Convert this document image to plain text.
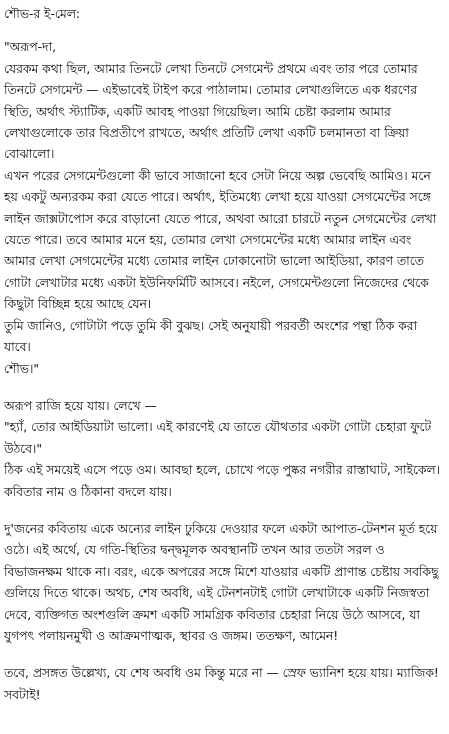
শৌভ-র ই-মেল:

"অরূপ-দা,

যেরকম কথা ছিল, আমার তিনটে লেখা তিনটে সেগমেন্ট প্রথমে এবং তার পরে তোমার তিনটে সেগমেন্ট — এইভাবেই টাইপ করে পাঠালাম। তোমার লেখাগুলিতে এক ধরণের স্থিতি, অর্থাৎ স্ট্যাটিক, একটি আবহ পাওয়া গিয়েছিল। আমি চেষ্টা করলাম আমার লেখাগুলোকে তার বিপ্রতীপে রাখতে, অর্থাৎ প্রতিটি লেখা একটি চলমানতা বা ক্রিয়া বোঝালো।

এখন পরের সেগমেন্টগুলো কী ভাবে সাজানো হবে সেটা নিয়ে অল্প ভেবেছি আমিও। মনে হয় একটু অন্যরকম করা যেতে পারে। অর্থাৎ, ইতিমধ্যে লেখা হয়ে যাওয়া সেগমেন্টের সঙ্গে লাইন জাক্সটাপোস করে বাড়ানো যেতে পারে, অথবা আরো চারটে নতুন সেগমেন্টের লেখা যেতে পারে। তবে আমার মনে হয়, তোমার লেখা সেগমেন্টের মধ্যে আমার লাইন এবং আমার লেখা সেগমেন্টের মধ্যে তোমার লাইন ঢোকানোটা ভালো আইডিয়া, কারণ তাতে গোটা লেখাটার মধ্যে একটা ইউনিফর্মিটি আসবে। নইলে, সেগমেন্টগুলো নিজেদের থেকে কিছুটা বিচ্ছিন্ন হয়ে আছে যেন।

তুমি জানিও, গোটাটা পড়ে তুমি কী বুঝছ। সেই অনুযায়ী পরবর্তী অংশের পন্থা ঠিক করা যাবে।

শৌভ।"

অরূপ রাজি হয়ে যায়। লেখে —

"হ্যাঁ, তোর আইডিয়াটা ভালো। এই কারণেই যে তাতে যৌথতার একটা গোটা চেহারা ফুটে উঠবে।"

ঠিক এই সময়েই এসে পড়ে ওম। আবছা হলে, চোখে পড়ে পুষ্কর নগরীর রাস্তাঘাট, সাইকেল। কবিতার নাম ও ঠিকানা বদলে যায়।

দু'জনের কবিতায় একে অন্যের লাইন ঢুকিয়ে দেওয়ার ফলে একটা আপাত-টেনশন মূর্ত হয়ে ওঠে। এই অর্থে, যে গতি-স্থিতির দ্বন্দ্বমূলক অবস্থানটি তখন আর ততটা সরল ও বিভাজনক্ষম থাকে না। বরং, একে অপরের সঙ্গে মিশে যাওয়ার একটি প্রাণান্ত চেষ্টায় সবকিছু গুলিয়ে দিতে থাকে। অথচ, শেষ অবধি, এই টেনশনটাই গোটা লেখাটাকে একটি নিজস্বতা দেবে, ব্যক্তিগত অংশগুলি ক্রমশ একটি সামগ্রিক কবিতার চেহারা নিয়ে উঠে আসবে, যা যুগপৎ পলায়নমুখী ও আক্রমণাত্মক, স্থাবর ও জঙ্গম। ততক্ষণ, আমেন!

তবে, প্রসঙ্গত উল্লেখ্য, যে শেষ অবধি ওম কিন্তু মরে না — স্রেফ ভ্যানিশ হয়ে যায়। ম্যাজিক! সবটাই!
